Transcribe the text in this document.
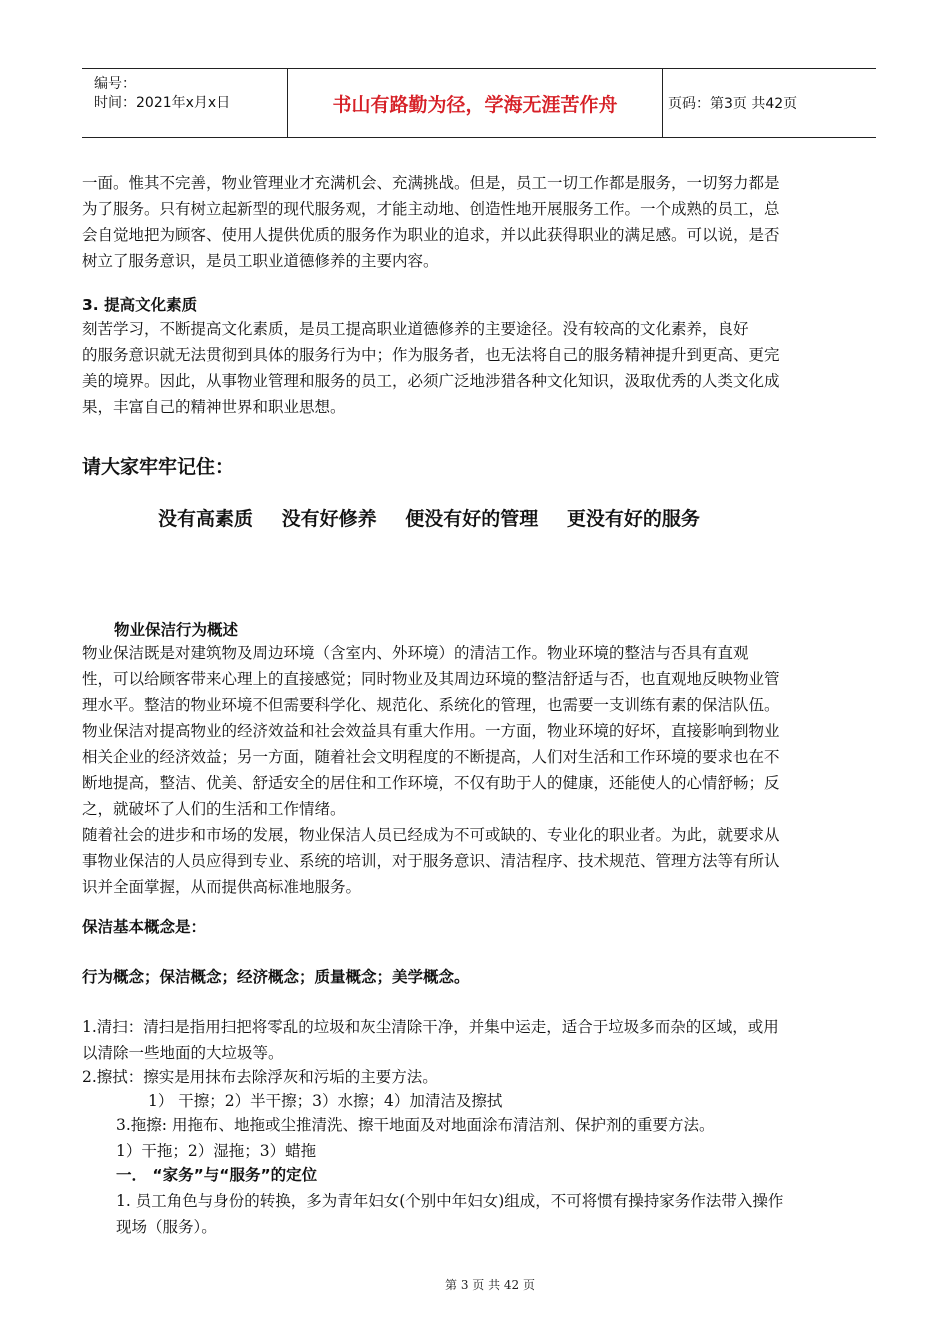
编号：
时间：2021年x月x日	书山有路勤为径，学海无涯苦作舟	页码：第3页 共42页
一面。惟其不完善，物业管理业才充满机会、充满挑战。但是，员工一切工作都是服务，一切努力都是
为了服务。只有树立起新型的现代服务观，才能主动地、创造性地开展服务工作。一个成熟的员工，总
会自觉地把为顾客、使用人提供优质的服务作为职业的追求，并以此获得职业的满足感。可以说，是否
树立了服务意识，是员工职业道德修养的主要内容。
3. 提高文化素质
刻苦学习，不断提高文化素质，是员工提高职业道德修养的主要途径。没有较高的文化素养，良好
的服务意识就无法贯彻到具体的服务行为中；作为服务者，也无法将自己的服务精神提升到更高、更完
美的境界。因此，从事物业管理和服务的员工，必须广泛地涉猎各种文化知识，汲取优秀的人类文化成
果，丰富自己的精神世界和职业思想。
请大家牢牢记住：
没有高素质 没有好修养 便没有好的管理 更没有好的服务
物业保洁行为概述
物业保洁既是对建筑物及周边环境（含室内、外环境）的清洁工作。物业环境的整洁与否具有直观
性，可以给顾客带来心理上的直接感觉；同时物业及其周边环境的整洁舒适与否，也直观地反映物业管
理水平。整洁的物业环境不但需要科学化、规范化、系统化的管理，也需要一支训练有素的保洁队伍。
物业保洁对提高物业的经济效益和社会效益具有重大作用。一方面，物业环境的好坏，直接影响到物业
相关企业的经济效益；另一方面，随着社会文明程度的不断提高，人们对生活和工作环境的要求也在不
断地提高，整洁、优美、舒适安全的居住和工作环境，不仅有助于人的健康，还能使人的心情舒畅；反
之，就破坏了人们的生活和工作情绪。
随着社会的进步和市场的发展，物业保洁人员已经成为不可或缺的、专业化的职业者。为此，就要求从
事物业保洁的人员应得到专业、系统的培训，对于服务意识、清洁程序、技术规范、管理方法等有所认
识并全面掌握，从而提供高标准地服务。
保洁基本概念是：
行为概念；保洁概念；经济概念；质量概念；美学概念。
1.清扫：清扫是指用扫把将零乱的垃圾和灰尘清除干净，并集中运走，适合于垃圾多而杂的区域，或用
以清除一些地面的大垃圾等。
2.擦拭：擦实是用抹布去除浮灰和污垢的主要方法。
1） 干擦；2）半干擦；3）水擦；4）加清洁及擦拭
3.拖擦: 用拖布、地拖或尘推清洗、擦干地面及对地面涂布清洁剂、保护剂的重要方法。
1）干拖；2）湿拖；3）蜡拖
一． “家务”与“服务”的定位
1. 员工角色与身份的转换，多为青年妇女(个别中年妇女)组成，不可将惯有操持家务作法带入操作
现场（服务）。
第 3 页 共 42 页
